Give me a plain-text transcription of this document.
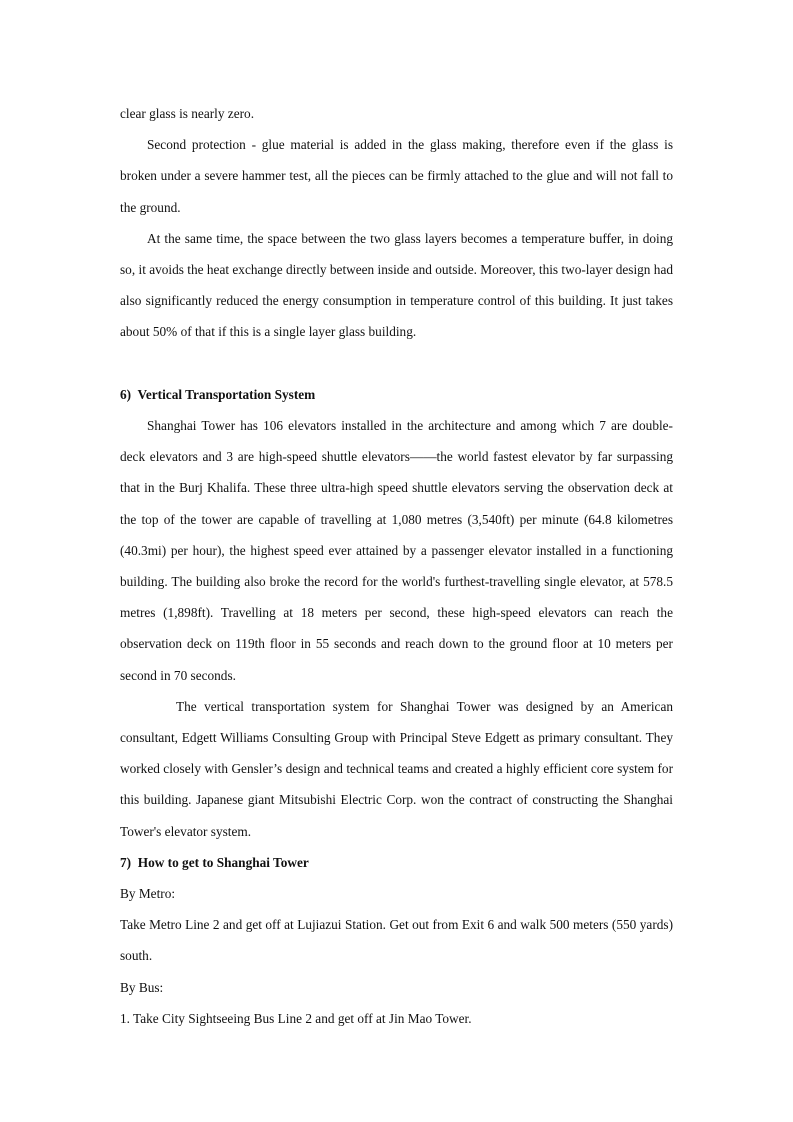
clear glass is nearly zero.

Second protection - glue material is added in the glass making, therefore even if the glass is broken under a severe hammer test, all the pieces can be firmly attached to the glue and will not fall to the ground.

At the same time, the space between the two glass layers becomes a temperature buffer, in doing so, it avoids the heat exchange directly between inside and outside. Moreover, this two-layer design had also significantly reduced the energy consumption in temperature control of this building. It just takes about 50% of that if this is a single layer glass building.

6)  Vertical Transportation System

Shanghai Tower has 106 elevators installed in the architecture and among which 7 are double-deck elevators and 3 are high-speed shuttle elevators——the world fastest elevator by far surpassing that in the Burj Khalifa. These three ultra-high speed shuttle elevators serving the observation deck at the top of the tower are capable of travelling at 1,080 metres (3,540ft) per minute (64.8 kilometres (40.3mi) per hour), the highest speed ever attained by a passenger elevator installed in a functioning building. The building also broke the record for the world's furthest-travelling single elevator, at 578.5 metres (1,898ft). Travelling at 18 meters per second, these high-speed elevators can reach the observation deck on 119th floor in 55 seconds and reach down to the ground floor at 10 meters per second in 70 seconds.

The vertical transportation system for Shanghai Tower was designed by an American consultant, Edgett Williams Consulting Group with Principal Steve Edgett as primary consultant. They worked closely with Gensler’s design and technical teams and created a highly efficient core system for this building. Japanese giant Mitsubishi Electric Corp. won the contract of constructing the Shanghai Tower's elevator system.

7)  How to get to Shanghai Tower

By Metro:

Take Metro Line 2 and get off at Lujiazui Station. Get out from Exit 6 and walk 500 meters (550 yards) south.

By Bus:

1. Take City Sightseeing Bus Line 2 and get off at Jin Mao Tower.
